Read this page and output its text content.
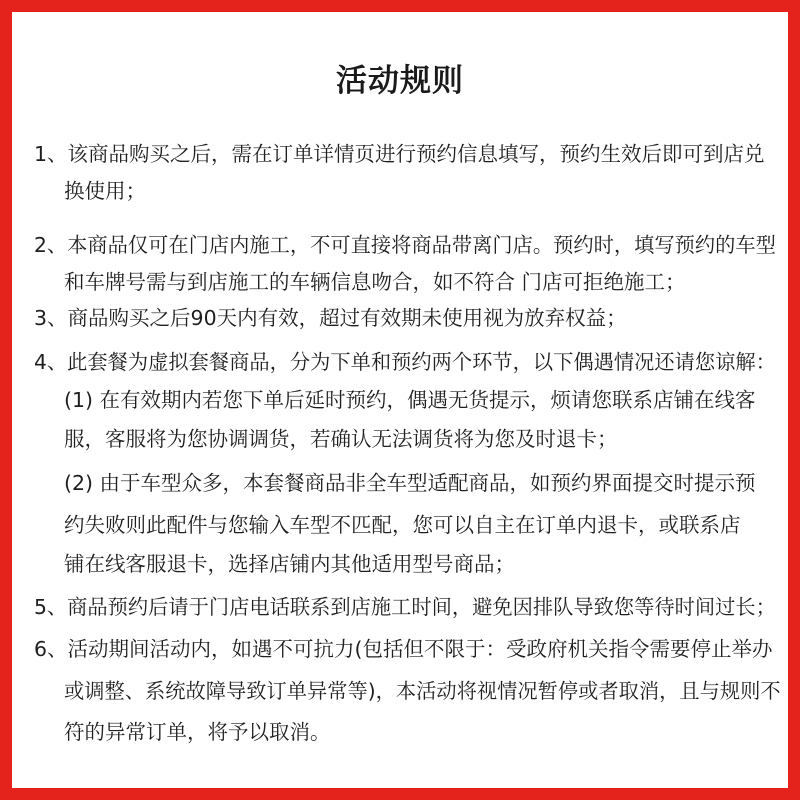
活动规则
1、该商品购买之后，需在订单详情页进行预约信息填写，预约生效后即可到店兑
换使用；
2、本商品仅可在门店内施工，不可直接将商品带离门店。预约时，填写预约的车型
和车牌号需与到店施工的车辆信息吻合，如不符合 门店可拒绝施工；
3、商品购买之后90天内有效，超过有效期未使用视为放弃权益；
4、此套餐为虚拟套餐商品，分为下单和预约两个环节，以下偶遇情况还请您谅解：
(1) 在有效期内若您下单后延时预约，偶遇无货提示，烦请您联系店铺在线客
服，客服将为您协调调货，若确认无法调货将为您及时退卡；
(2) 由于车型众多，本套餐商品非全车型适配商品，如预约界面提交时提示预
约失败则此配件与您输入车型不匹配，您可以自主在订单内退卡，或联系店
铺在线客服退卡，选择店铺内其他适用型号商品；
5、商品预约后请于门店电话联系到店施工时间，避免因排队导致您等待时间过长；
6、活动期间活动内，如遇不可抗力(包括但不限于：受政府机关指令需要停止举办
或调整、系统故障导致订单异常等)，本活动将视情况暂停或者取消，且与规则不
符的异常订单，将予以取消。
